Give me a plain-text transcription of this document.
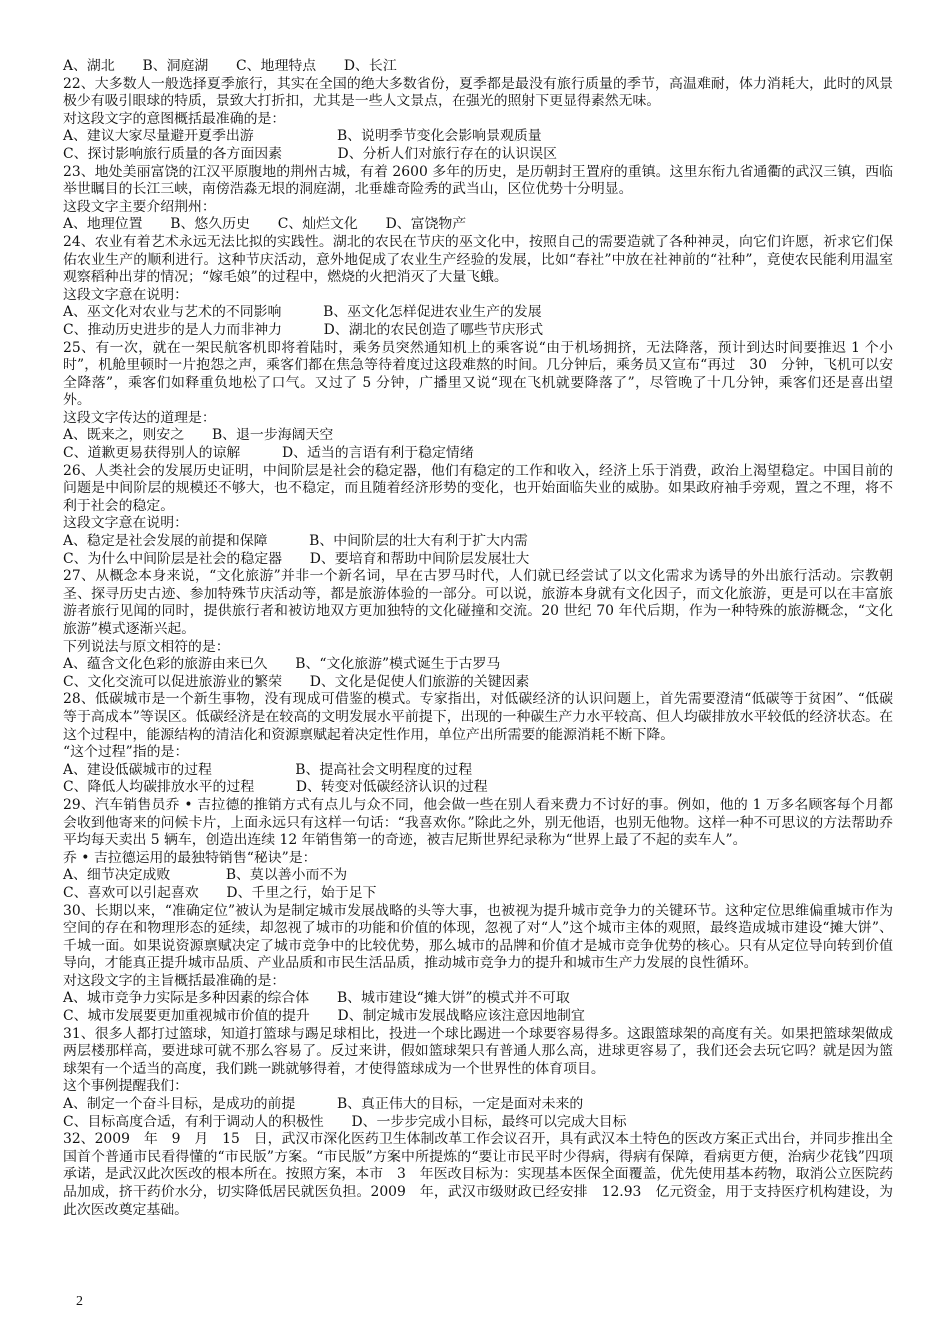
A、湖北　　B、洞庭湖　　C、地理特点　　D、长江

22、大多数人一般选择夏季旅行，其实在全国的绝大多数省份，夏季都是最没有旅行质量的季节，高温难耐，体力消耗大，此时的风景极少有吸引眼球的特质，景致大打折扣，尤其是一些人文景点，在强光的照射下更显得素然无味。

对这段文字的意图概括最准确的是：

A、建议大家尽量避开夏季出游　　　　　　B、说明季节变化会影响景观质量

C、探讨影响旅行质量的各方面因素　　　　D、分析人们对旅行存在的认识误区

23、地处美丽富饶的江汉平原腹地的荆州古城，有着 2600 多年的历史，是历朝封王置府的重镇。这里东衔九省通衢的武汉三镇，西临举世瞩目的长江三峡，南傍浩淼无垠的洞庭湖，北垂雄奇险秀的武当山，区位优势十分明显。

这段文字主要介绍荆州：

A、地理位置　　B、悠久历史　　C、灿烂文化　　D、富饶物产

24、农业有着艺术永远无法比拟的实践性。湖北的农民在节庆的巫文化中，按照自己的需要造就了各种神灵，向它们许愿，祈求它们保佑农业生产的顺利进行。这种节庆活动，意外地促成了农业生产经验的发展，比如“春社”中放在社神前的“社种”，竟使农民能利用温室观察稻种出芽的情况；“嫁毛娘”的过程中，燃烧的火把消灭了大量飞蛾。

这段文字意在说明：

A、巫文化对农业与艺术的不同影响　　　B、巫文化怎样促进农业生产的发展

C、推动历史进步的是人力而非神力　　　D、湖北的农民创造了哪些节庆形式

25、有一次，就在一架民航客机即将着陆时，乘务员突然通知机上的乘客说“由于机场拥挤，无法降落，预计到达时间要推迟 1 个小时”，机舱里顿时一片抱怨之声，乘客们都在焦急等待着度过这段难熬的时间。几分钟后，乘务员又宣布“再过　30　分钟，飞机可以安全降落”，乘客们如释重负地松了口气。又过了 5 分钟，广播里又说“现在飞机就要降落了”，尽管晚了十几分钟，乘客们还是喜出望外。

这段文字传达的道理是：

A、既来之，则安之　　B、退一步海阔天空

C、道歉更易获得别人的谅解　　　D、适当的言语有利于稳定情绪

26、人类社会的发展历史证明，中间阶层是社会的稳定器，他们有稳定的工作和收入，经济上乐于消费，政治上渴望稳定。中国目前的问题是中间阶层的规模还不够大，也不稳定，而且随着经济形势的变化，也开始面临失业的威胁。如果政府袖手旁观，置之不理，将不利于社会的稳定。

这段文字意在说明：

A、稳定是社会发展的前提和保障　　　B、中间阶层的壮大有利于扩大内需

C、为什么中间阶层是社会的稳定器　　D、要培育和帮助中间阶层发展壮大

27、从概念本身来说，“文化旅游”并非一个新名词，早在古罗马时代，人们就已经尝试了以文化需求为诱导的外出旅行活动。宗教朝圣、探寻历史古迹、参加特殊节庆活动等，都是旅游体验的一部分。可以说，旅游本身就有文化因子，而文化旅游，更是可以在丰富旅游者旅行见闻的同时，提供旅行者和被访地双方更加独特的文化碰撞和交流。20 世纪 70 年代后期，作为一种特殊的旅游概念，“文化旅游”模式逐渐兴起。

下列说法与原文相符的是：

A、蕴含文化色彩的旅游由来已久　　B、“文化旅游”模式诞生于古罗马

C、文化交流可以促进旅游业的繁荣　　D、文化是促使人们旅游的关键因素

28、低碳城市是一个新生事物，没有现成可借鉴的模式。专家指出，对低碳经济的认识问题上，首先需要澄清“低碳等于贫困”、“低碳等于高成本”等误区。低碳经济是在较高的文明发展水平前提下，出现的一种碳生产力水平较高、但人均碳排放水平较低的经济状态。在这个过程中，能源结构的清洁化和资源禀赋起着决定性作用，单位产出所需要的能源消耗不断下降。

“这个过程”指的是：

A、建设低碳城市的过程　　　　　　B、提高社会文明程度的过程

C、降低人均碳排放水平的过程　　　D、转变对低碳经济认识的过程

29、汽车销售员乔 • 吉拉德的推销方式有点儿与众不同，他会做一些在别人看来费力不讨好的事。例如，他的 1 万多名顾客每个月都会收到他寄来的问候卡片，上面永远只有这样一句话：“我喜欢你。”除此之外，别无他语，也别无他物。这样一种不可思议的方法帮助乔平均每天卖出 5 辆车，创造出连续 12 年销售第一的奇迹，被吉尼斯世界纪录称为“世界上最了不起的卖车人”。

乔 • 吉拉德运用的最独特销售“秘诀”是：

A、细节决定成败　　　　B、莫以善小而不为

C、喜欢可以引起喜欢　　D、千里之行，始于足下

30、长期以来，“准确定位”被认为是制定城市发展战略的头等大事，也被视为提升城市竞争力的关键环节。这种定位思维偏重城市作为空间的存在和物理形态的延续，却忽视了城市的功能和价值的体现，忽视了对“人”这个城市主体的观照，最终造成城市建设“摊大饼”、千城一面。如果说资源禀赋决定了城市竞争中的比较优势，那么城市的品牌和价值才是城市竞争优势的核心。只有从定位导向转到价值导向，才能真正提升城市品质、产业品质和市民生活品质，推动城市竞争力的提升和城市生产力发展的良性循环。

对这段文字的主旨概括最准确的是：

A、城市竞争力实际是多种因素的综合体　　B、城市建设“摊大饼”的模式并不可取

C、城市发展要更加重视城市价值的提升　　D、制定城市发展战略应该注意因地制宜

31、很多人都打过篮球，知道打篮球与踢足球相比，投进一个球比踢进一个球要容易得多。这跟篮球架的高度有关。如果把篮球架做成两层楼那样高，要进球可就不那么容易了。反过来讲，假如篮球架只有普通人那么高，进球更容易了，我们还会去玩它吗？就是因为篮球架有一个适当的高度，我们跳一跳就够得着，才使得篮球成为一个世界性的体育项目。

这个事例提醒我们：

A、制定一个奋斗目标，是成功的前提　　　B、真正伟大的目标，一定是面对未来的

C、目标高度合适，有利于调动人的积极性　　D、一步步完成小目标，最终可以完成大目标

32、2009　年　9　月　15　日，武汉市深化医药卫生体制改革工作会议召开，具有武汉本土特色的医改方案正式出台，并同步推出全国首个普通市民看得懂的“市民版”方案。“市民版”方案中所提炼的“要让市民平时少得病，得病有保障，看病更方便，治病少花钱”四项承诺，是武汉此次医改的根本所在。按照方案，本市　3　年医改目标为：实现基本医保全面覆盖，优先使用基本药物，取消公立医院药品加成，挤干药价水分，切实降低居民就医负担。2009　年，武汉市级财政已经安排　12.93　亿元资金，用于支持医疗机构建设，为此次医改奠定基础。

2
